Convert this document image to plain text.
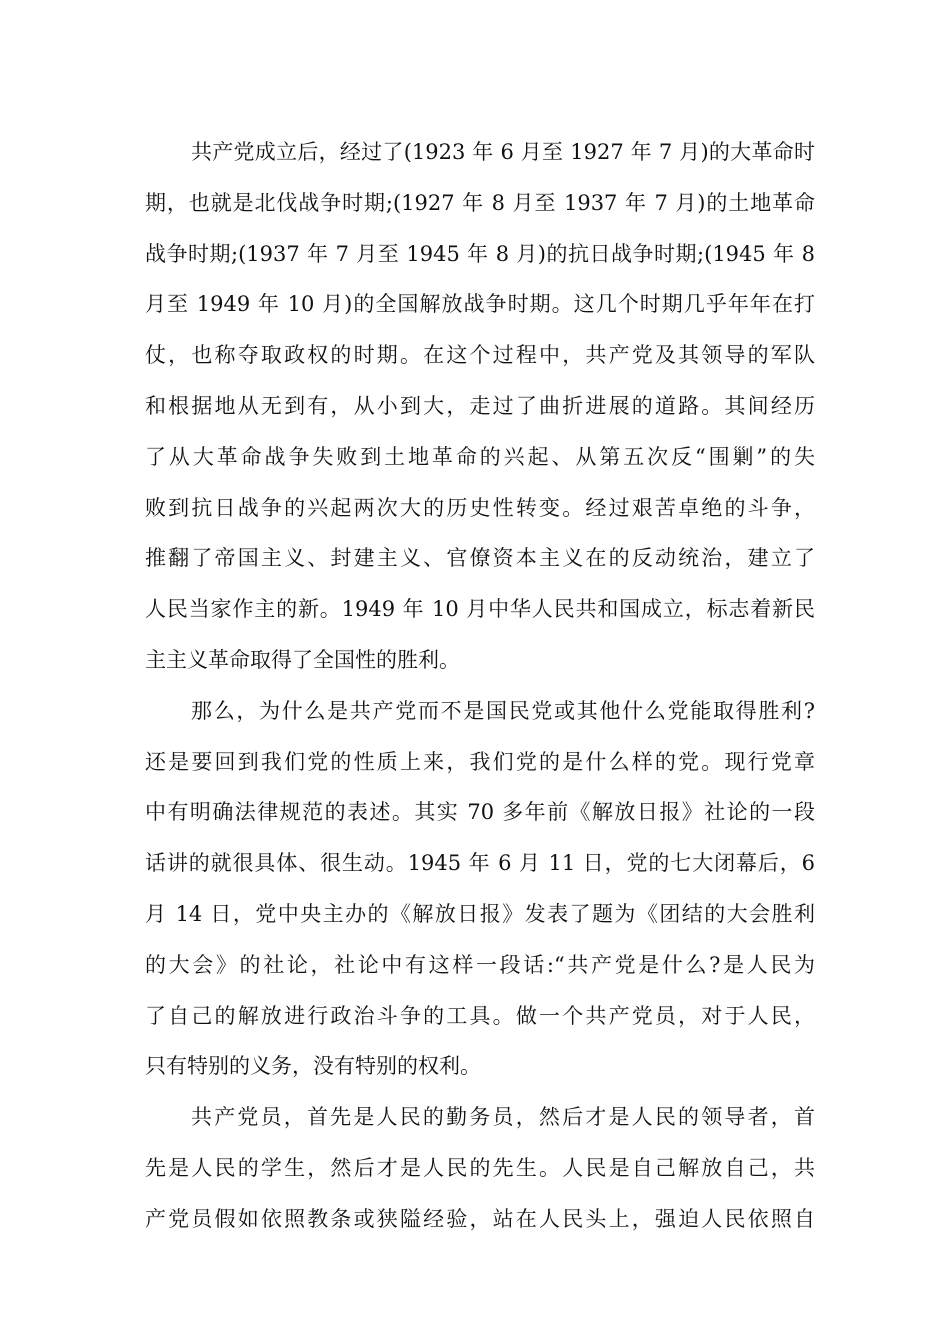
共产党成立后，经过了(1923 年 6 月至 1927 年 7 月)的大革命时
期，也就是北伐战争时期;(1927 年 8 月至 1937 年 7 月)的土地革命
战争时期;(1937 年 7 月至 1945 年 8 月)的抗日战争时期;(1945 年 8
月至 1949 年 10 月)的全国解放战争时期。这几个时期几乎年年在打
仗，也称夺取政权的时期。在这个过程中，共产党及其领导的军队
和根据地从无到有，从小到大，走过了曲折进展的道路。其间经历
了从大革命战争失败到土地革命的兴起、从第五次反“围剿”的失
败到抗日战争的兴起两次大的历史性转变。经过艰苦卓绝的斗争，
推翻了帝国主义、封建主义、官僚资本主义在的反动统治，建立了
人民当家作主的新。1949 年 10 月中华人民共和国成立，标志着新民
主主义革命取得了全国性的胜利。
那么，为什么是共产党而不是国民党或其他什么党能取得胜利?
还是要回到我们党的性质上来，我们党的是什么样的党。现行党章
中有明确法律规范的表述。其实 70 多年前《解放日报》社论的一段
话讲的就很具体、很生动。1945 年 6 月 11 日，党的七大闭幕后，6
月 14 日，党中央主办的《解放日报》发表了题为《团结的大会胜利
的大会》的社论，社论中有这样一段话:“共产党是什么?是人民为
了自己的解放进行政治斗争的工具。做一个共产党员，对于人民，
只有特别的义务，没有特别的权利。
共产党员，首先是人民的勤务员，然后才是人民的领导者，首
先是人民的学生，然后才是人民的先生。人民是自己解放自己，共
产党员假如依照教条或狭隘经验，站在人民头上，强迫人民依照自
